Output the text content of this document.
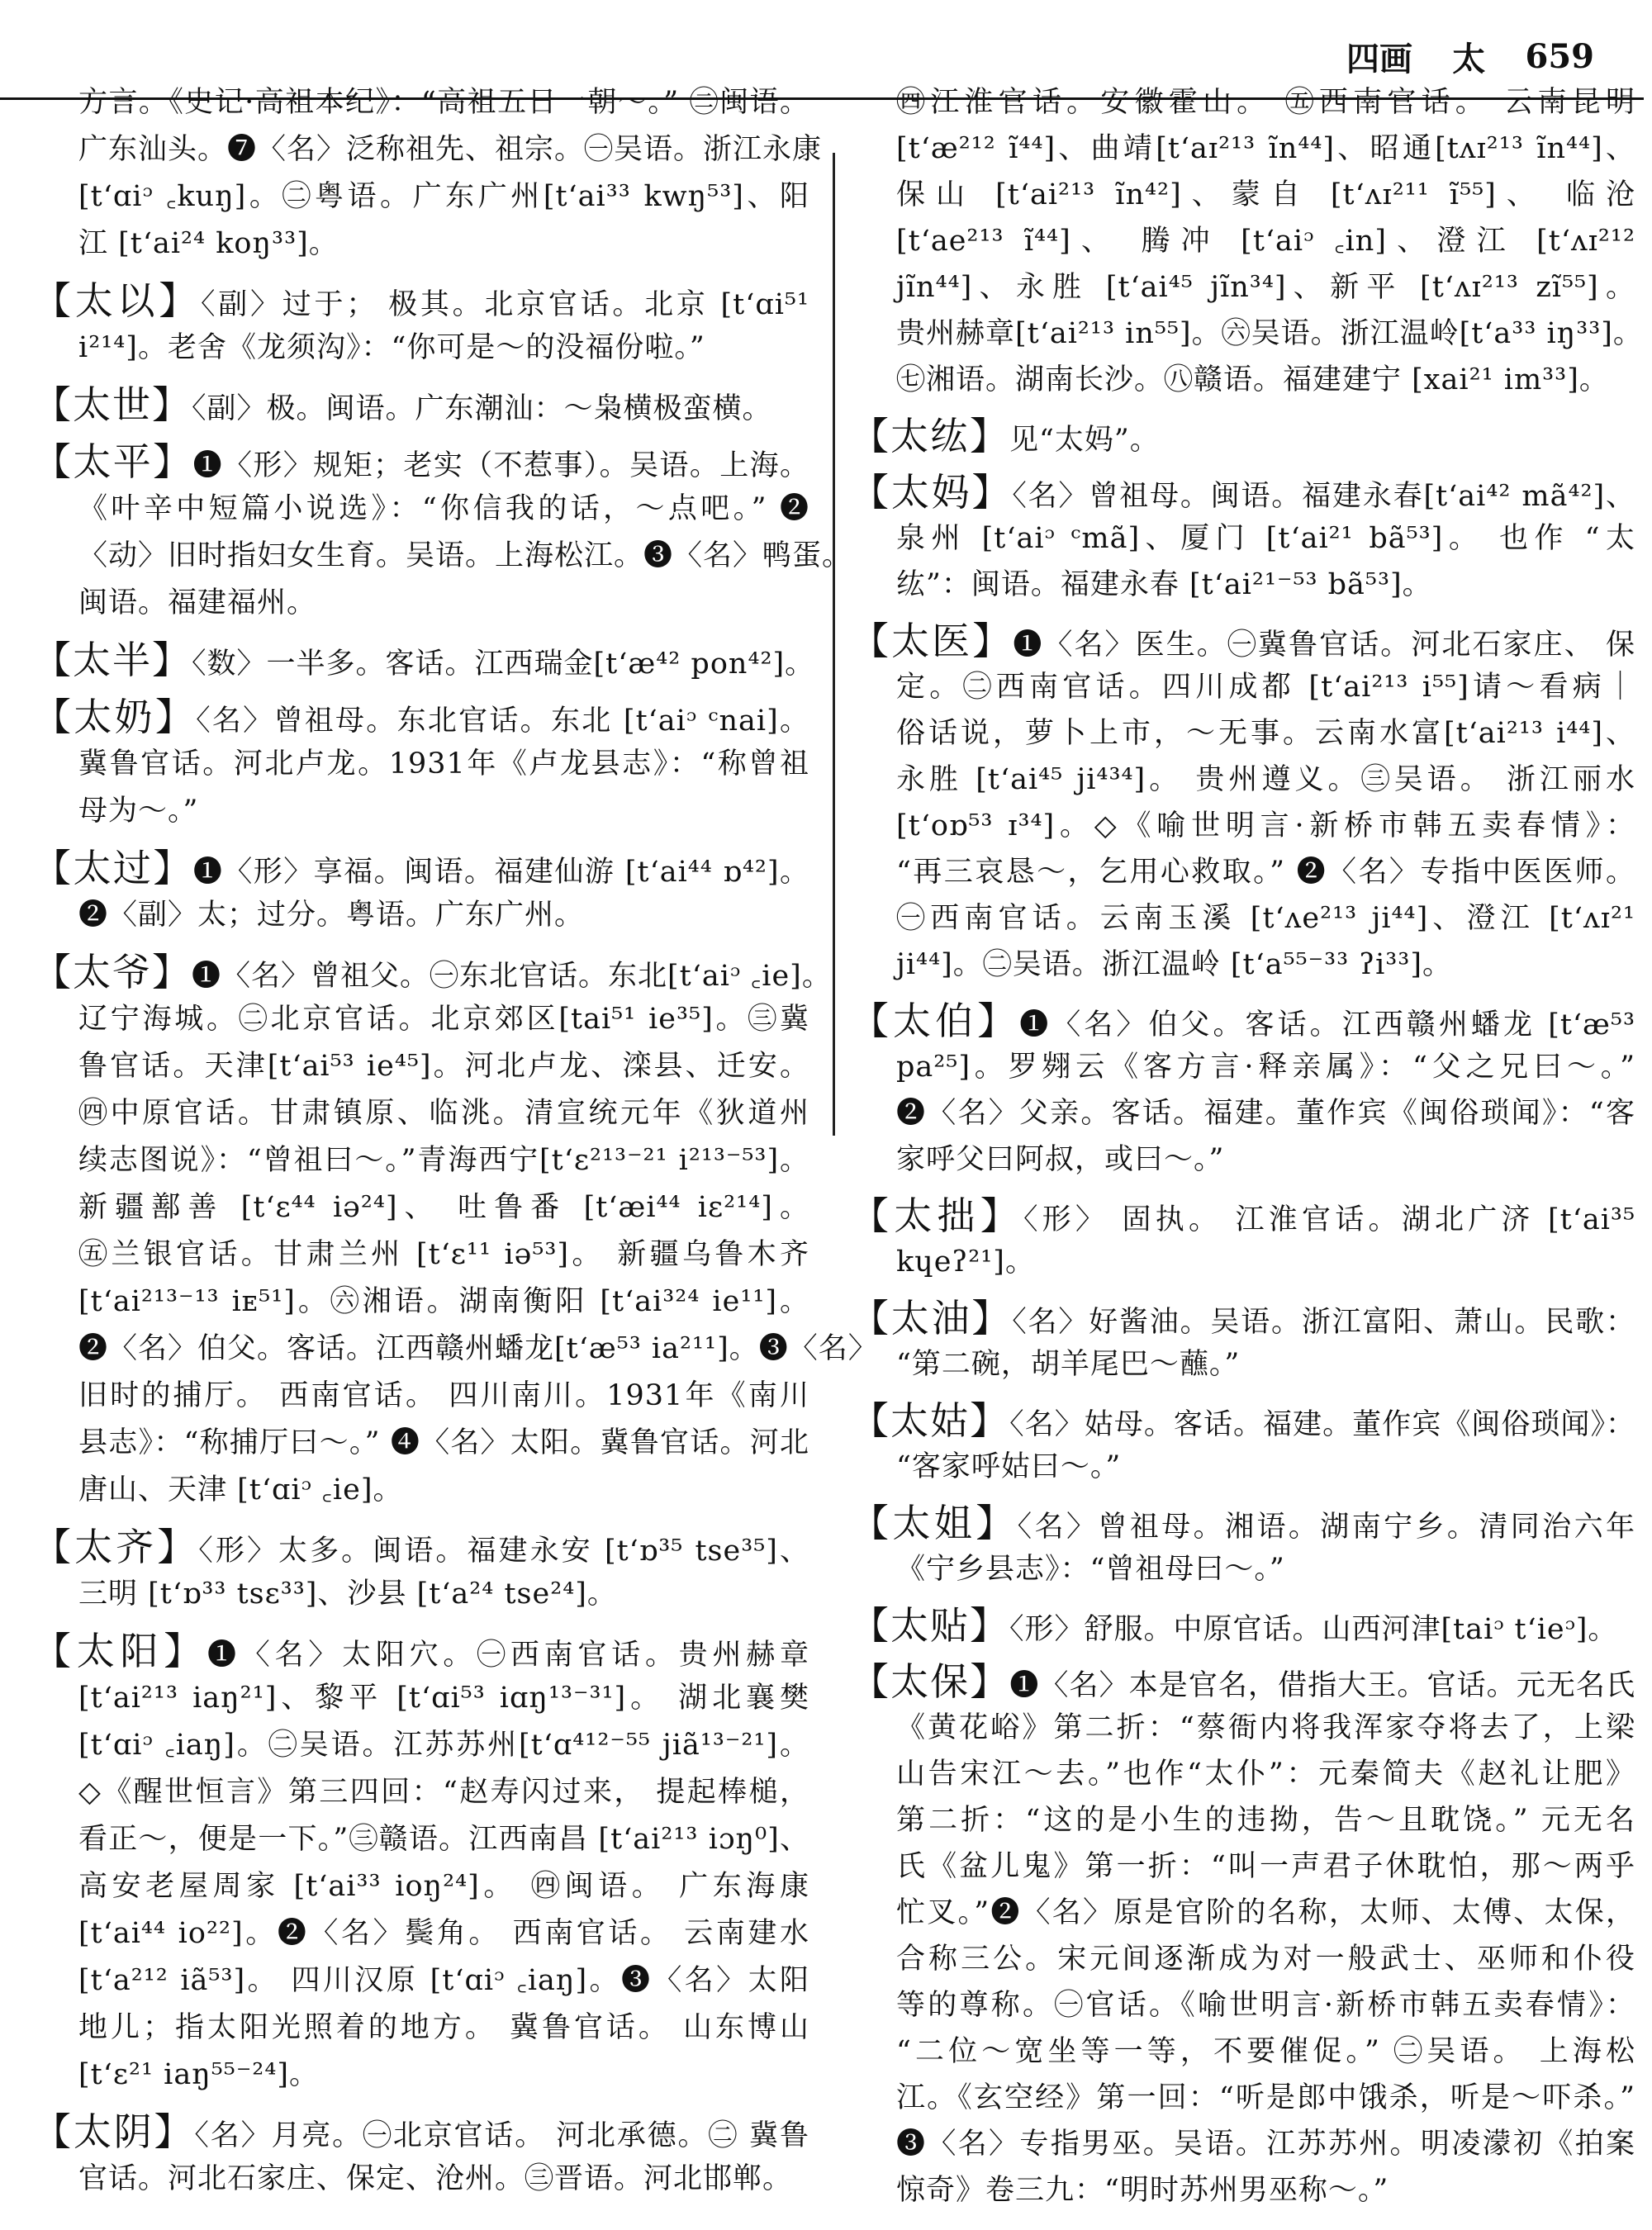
四画 太 659
方言。《史记·高祖本纪》：“高祖五日一朝～。” ㊁闽语。
广东汕头。❼〈名〉泛称祖先、祖宗。㊀吴语。浙江永康
[t‘ɑiᵓ ꜀kuŋ]。㊁粤语。广东广州[t‘ai³³ kwŋ⁵³]、阳
江 [t‘ai²⁴ koŋ³³]。
【太以】〈副〉过于； 极其。北京官话。北京 [t‘ɑi⁵¹
i²¹⁴]。老舍《龙须沟》：“你可是～的没福份啦。”
【太世】〈副〉极。闽语。广东潮汕：～枭横极蛮横。
【太平】❶〈形〉规矩；老实（不惹事）。吴语。上海。
《叶辛中短篇小说选》：“你信我的话，～点吧。” ❷
〈动〉旧时指妇女生育。吴语。上海松江。❸〈名〉鸭蛋。
闽语。福建福州。
【太半】〈数〉一半多。客话。江西瑞金[t‘æ⁴² pon⁴²]。
【太奶】〈名〉曾祖母。东北官话。东北 [t‘aiᵓ ᶜnai]。
冀鲁官话。河北卢龙。1931年《卢龙县志》：“称曾祖
母为～。”
【太过】❶〈形〉享福。闽语。福建仙游 [t‘ai⁴⁴ ɒ⁴²]。
❷〈副〉太；过分。粤语。广东广州。
【太爷】❶〈名〉曾祖父。㊀东北官话。东北[t‘aiᵓ ꜀ie]。
辽宁海城。㊁北京官话。北京郊区[tai⁵¹ ie³⁵]。㊂冀
鲁官话。天津[t‘ai⁵³ ie⁴⁵]。河北卢龙、滦县、迁安。
㊃中原官话。甘肃镇原、临洮。清宣统元年《狄道州
续志图说》：“曾祖曰～。”青海西宁[t‘ɛ²¹³⁻²¹ i²¹³⁻⁵³]。
新疆鄯善 [t‘ɛ⁴⁴ iə²⁴]、 吐鲁番 [t‘æi⁴⁴ iɛ²¹⁴]。
㊄兰银官话。甘肃兰州 [t‘ɛ¹¹ iə⁵³]。 新疆乌鲁木齐
[t‘ai²¹³⁻¹³ iᴇ⁵¹]。㊅湘语。湖南衡阳 [t‘ai³²⁴ ie¹¹]。
❷〈名〉伯父。客话。江西赣州蟠龙[t‘æ⁵³ ia²¹¹]。❸〈名〉
旧时的捕厅。 西南官话。 四川南川。1931年《南川
县志》：“称捕厅曰～。” ❹〈名〉太阳。冀鲁官话。河北
唐山、天津 [t‘ɑiᵓ ꜀ie]。
【太齐】〈形〉太多。闽语。福建永安 [t‘ɒ³⁵ tse³⁵]、
三明 [t‘ɒ³³ tsɛ³³]、沙县 [t‘a²⁴ tse²⁴]。
【太阳】❶〈名〉太阳穴。㊀西南官话。贵州赫章
[t‘ai²¹³ iaŋ²¹]、黎平 [t‘ɑi⁵³ iɑŋ¹³⁻³¹]。 湖北襄樊
[t‘ɑiᵓ ꜀iaŋ]。㊁吴语。江苏苏州[t‘ɑ⁴¹²⁻⁵⁵ jiã¹³⁻²¹]。
◇《醒世恒言》第三四回：“赵寿闪过来， 提起棒槌，
看正～，便是一下。”㊂赣语。江西南昌 [t‘ai²¹³ iɔŋ⁰]、
高安老屋周家 [t‘ai³³ ioŋ²⁴]。 ㊃闽语。 广东海康
[t‘ai⁴⁴ io²²]。❷〈名〉鬓角。 西南官话。 云南建水
[t‘a²¹² iã⁵³]。 四川汉原 [t‘ɑiᵓ ꜀iaŋ]。❸〈名〉太阳
地儿；指太阳光照着的地方。 冀鲁官话。 山东博山
[t‘ɛ²¹ iaŋ⁵⁵⁻²⁴]。
【太阴】〈名〉月亮。㊀北京官话。 河北承德。㊁ 冀鲁
官话。河北石家庄、保定、沧州。㊂晋语。河北邯郸。
㊃江淮官话。安徽霍山。 ㊄西南官话。 云南昆明
[t‘æ²¹² ĩ⁴⁴]、曲靖[t‘aɪ²¹³ ĩn⁴⁴]、昭通[tʌɪ²¹³ ĩn⁴⁴]、
保山 [t‘ai²¹³ ĩn⁴²]、蒙自 [t‘ʌɪ²¹¹ ĩ⁵⁵]、 临沧
[t‘ae²¹³ ĩ⁴⁴]、 腾冲 [t‘aiᵓ ꜀in]、澄江 [t‘ʌɪ²¹²
jĩn⁴⁴]、永胜 [t‘ai⁴⁵ jĩn³⁴]、新平 [t‘ʌɪ²¹³ zĩ⁵⁵]。
贵州赫章[t‘ai²¹³ in⁵⁵]。㊅吴语。浙江温岭[t‘a³³ iŋ³³]。
㊆湘语。湖南长沙。㊇赣语。福建建宁 [xai²¹ im³³]。
【太纮】见“太妈”。
【太妈】〈名〉曾祖母。闽语。福建永春[t‘ai⁴² mã⁴²]、
泉州 [t‘aiᵓ ᶜmã]、厦门 [t‘ai²¹ bã⁵³]。 也作 “太
纮”：闽语。福建永春 [t‘ai²¹⁻⁵³ bã⁵³]。
【太医】❶〈名〉医生。㊀冀鲁官话。河北石家庄、 保
定。㊁西南官话。四川成都 [t‘ai²¹³ i⁵⁵]请～看病｜
俗话说，萝卜上市，～无事。云南水富[t‘ai²¹³ i⁴⁴]、
永胜 [t‘ai⁴⁵ ji⁴³⁴]。 贵州遵义。㊂吴语。 浙江丽水
[t‘oɒ⁵³ ɪ³⁴]。◇《喻世明言·新桥市韩五卖春情》：
“再三哀恳～，乞用心救取。” ❷〈名〉专指中医医师。
㊀西南官话。云南玉溪 [t‘ʌe²¹³ ji⁴⁴]、澄江 [t‘ʌɪ²¹
ji⁴⁴]。㊁吴语。浙江温岭 [t‘a⁵⁵⁻³³ ʔi³³]。
【太伯】❶〈名〉伯父。客话。江西赣州蟠龙 [t‘æ⁵³
pa²⁵]。罗翙云《客方言·释亲属》：“父之兄曰～。”
❷〈名〉父亲。客话。福建。董作宾《闽俗琐闻》：“客
家呼父曰阿叔，或曰～。”
【太拙】〈形〉 固执。 江淮官话。湖北广济 [t‘ai³⁵
kɥeʔ²¹]。
【太油】〈名〉好酱油。吴语。浙江富阳、萧山。民歌：
“第二碗，胡羊尾巴～蘸。”
【太姑】〈名〉姑母。客话。福建。董作宾《闽俗琐闻》：
“客家呼姑曰～。”
【太姐】〈名〉曾祖母。湘语。湖南宁乡。清同治六年
《宁乡县志》：“曾祖母曰～。”
【太贴】〈形〉舒服。中原官话。山西河津[taiᵓ t‘ieᵓ]。
【太保】❶〈名〉本是官名，借指大王。官话。元无名氏
《黄花峪》第二折：“蔡衙内将我浑家夺将去了，上梁
山告宋江～去。”也作“太仆”：元秦简夫《赵礼让肥》
第二折：“这的是小生的违拗，告～且耽饶。” 元无名
氏《盆儿鬼》第一折：“叫一声君子休耽怕，那～两乎
忙叉。”❷〈名〉原是官阶的名称，太师、太傅、太保，
合称三公。宋元间逐渐成为对一般武士、巫师和仆役
等的尊称。㊀官话。《喻世明言·新桥市韩五卖春情》：
“二位～宽坐等一等，不要催促。” ㊁吴语。 上海松
江。《玄空经》第一回：“听是郎中饿杀，听是～吓杀。”
❸〈名〉专指男巫。吴语。江苏苏州。明凌濛初《拍案
惊奇》卷三九：“明时苏州男巫称～。”
